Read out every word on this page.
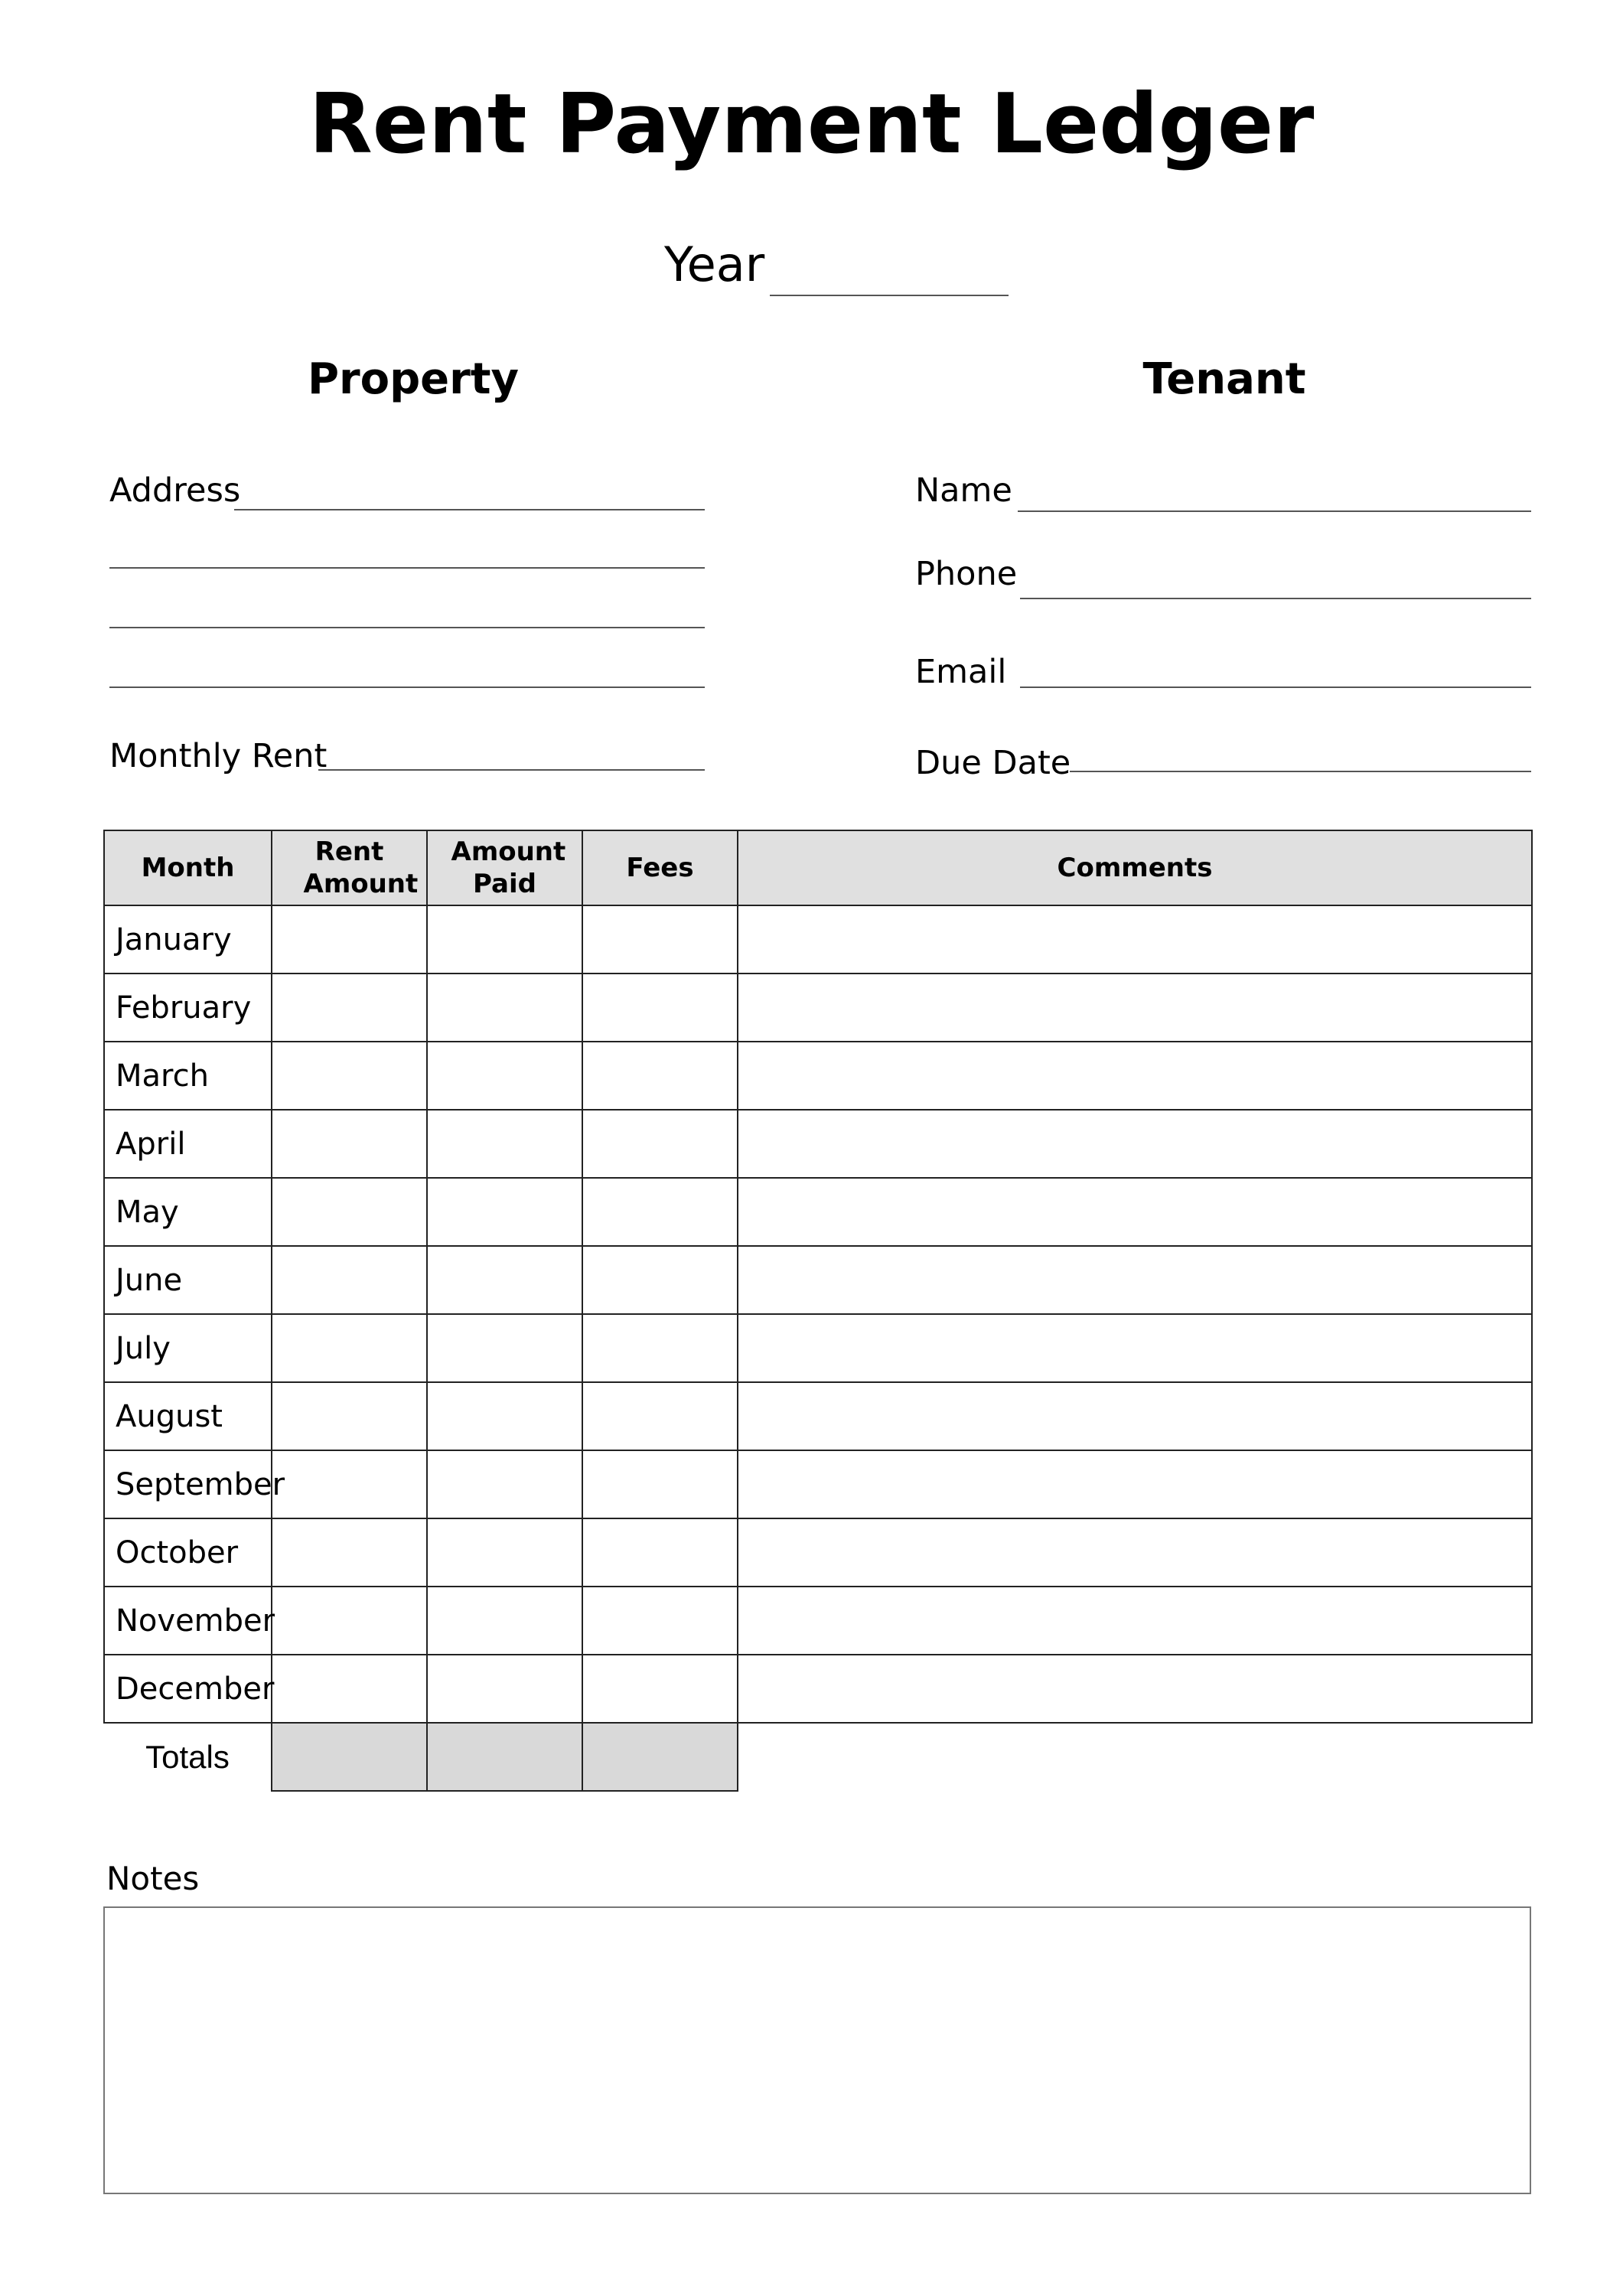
Rent Payment Ledger
Year
Property
Address
Monthly Rent
Tenant
Name
Phone
Email
Due Date
Month	Rent Amount	Amount Paid	Fees	Comments
January				
February				
March				
April				
May				
June				
July				
August				
September				
October				
November				
December				
Totals				
Notes
